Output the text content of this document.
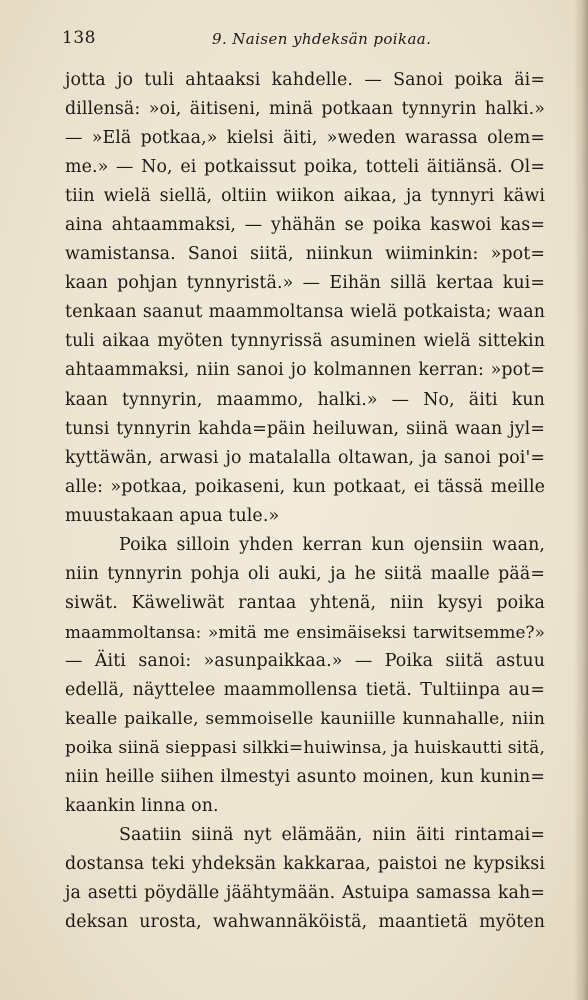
138	9. Naisen yhdeksän poikaa.
jotta jo tuli ahtaaksi kahdelle. — Sanoi poika äi=
dillensä: »oi, äitiseni, minä potkaan tynnyrin halki.»
— »Elä potkaa,» kielsi äiti, »weden warassa olem=
me.» — No, ei potkaissut poika, totteli äitiänsä. Ol=
tiin wielä siellä, oltiin wiikon aikaa, ja tynnyri käwi
aina ahtaammaksi, — yhähän se poika kaswoi kas=
wamistansa. Sanoi siitä, niinkun wiiminkin: »pot=
kaan pohjan tynnyristä.» — Eihän sillä kertaa kui=
tenkaan saanut maammoltansa wielä potkaista; waan
tuli aikaa myöten tynnyrissä asuminen wielä sittekin
ahtaammaksi, niin sanoi jo kolmannen kerran: »pot=
kaan tynnyrin, maammo, halki.» — No, äiti kun
tunsi tynnyrin kahda=päin heiluwan, siinä waan jyl=
kyttäwän, arwasi jo matalalla oltawan, ja sanoi poi'=
alle: »potkaa, poikaseni, kun potkaat, ei tässä meille
muustakaan apua tule.»
Poika silloin yhden kerran kun ojensiin waan,
niin tynnyrin pohja oli auki, ja he siitä maalle pää=
siwät. Käweliwät rantaa yhtenä, niin kysyi poika
maammoltansa: »mitä me ensimäiseksi tarwitsemme?»
— Äiti sanoi: »asunpaikkaa.» — Poika siitä astuu
edellä, näyttelee maammollensa tietä. Tultiinpa au=
kealle paikalle, semmoiselle kauniille kunnahalle, niin
poika siinä sieppasi silkki=huiwinsa, ja huiskautti sitä,
niin heille siihen ilmestyi asunto moinen, kun kunin=
kaankin linna on.
Saatiin siinä nyt elämään, niin äiti rintamai=
dostansa teki yhdeksän kakkaraa, paistoi ne kypsiksi
ja asetti pöydälle jäähtymään. Astuipa samassa kah=
deksan urosta, wahwannäköistä, maantietä myöten
